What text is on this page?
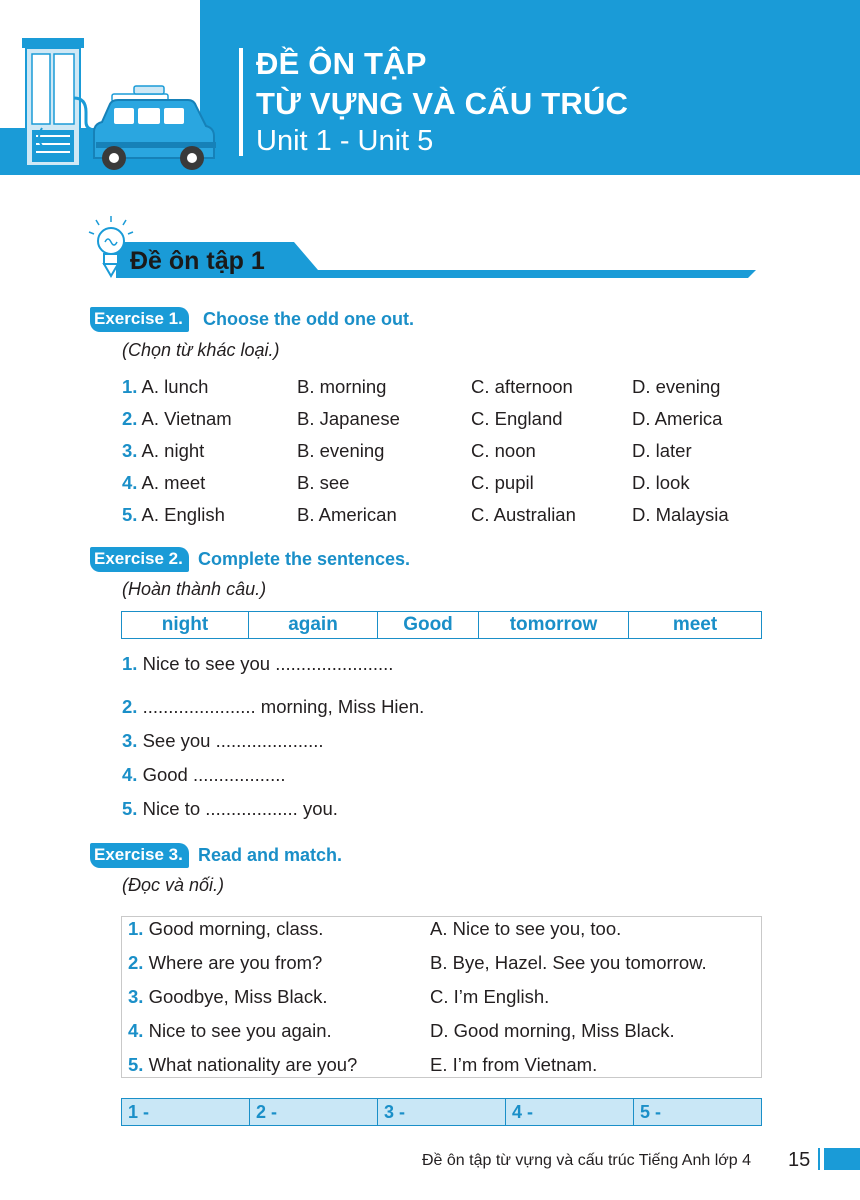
ĐỀ ÔN TẬP
TỪ VỰNG VÀ CẤU TRÚC
Unit 1 - Unit 5
Đề ôn tập 1
Exercise 1.	Choose the odd one out.
(Chọn từ khác loại.)
1. A. lunch	B. morning	C. afternoon	D. evening
2. A. Vietnam	B. Japanese	C. England	D. America
3. A. night	B. evening	C. noon	D. later
4. A. meet	B. see	C. pupil	D. look
5. A. English	B. American	C. Australian	D. Malaysia
Exercise 2. Complete the sentences.
(Hoàn thành câu.)
night	again	Good	tomorrow	meet
1. Nice to see you .......................
2. ...................... morning, Miss Hien.
3. See you .....................
4. Good ..................
5. Nice to .................. you.
Exercise 3. Read and match.
(Đọc và nối.)
1. Good morning, class.	A. Nice to see you, too.
2. Where are you from?	B. Bye, Hazel. See you tomorrow.
3. Goodbye, Miss Black.	C. I’m English.
4. Nice to see you again.	D. Good morning, Miss Black.
5. What nationality are you?	E. I’m from Vietnam.
1 -	2 -	3 -	4 -	5 -
Đề ôn tập từ vựng và cấu trúc Tiếng Anh lớp 4 15
